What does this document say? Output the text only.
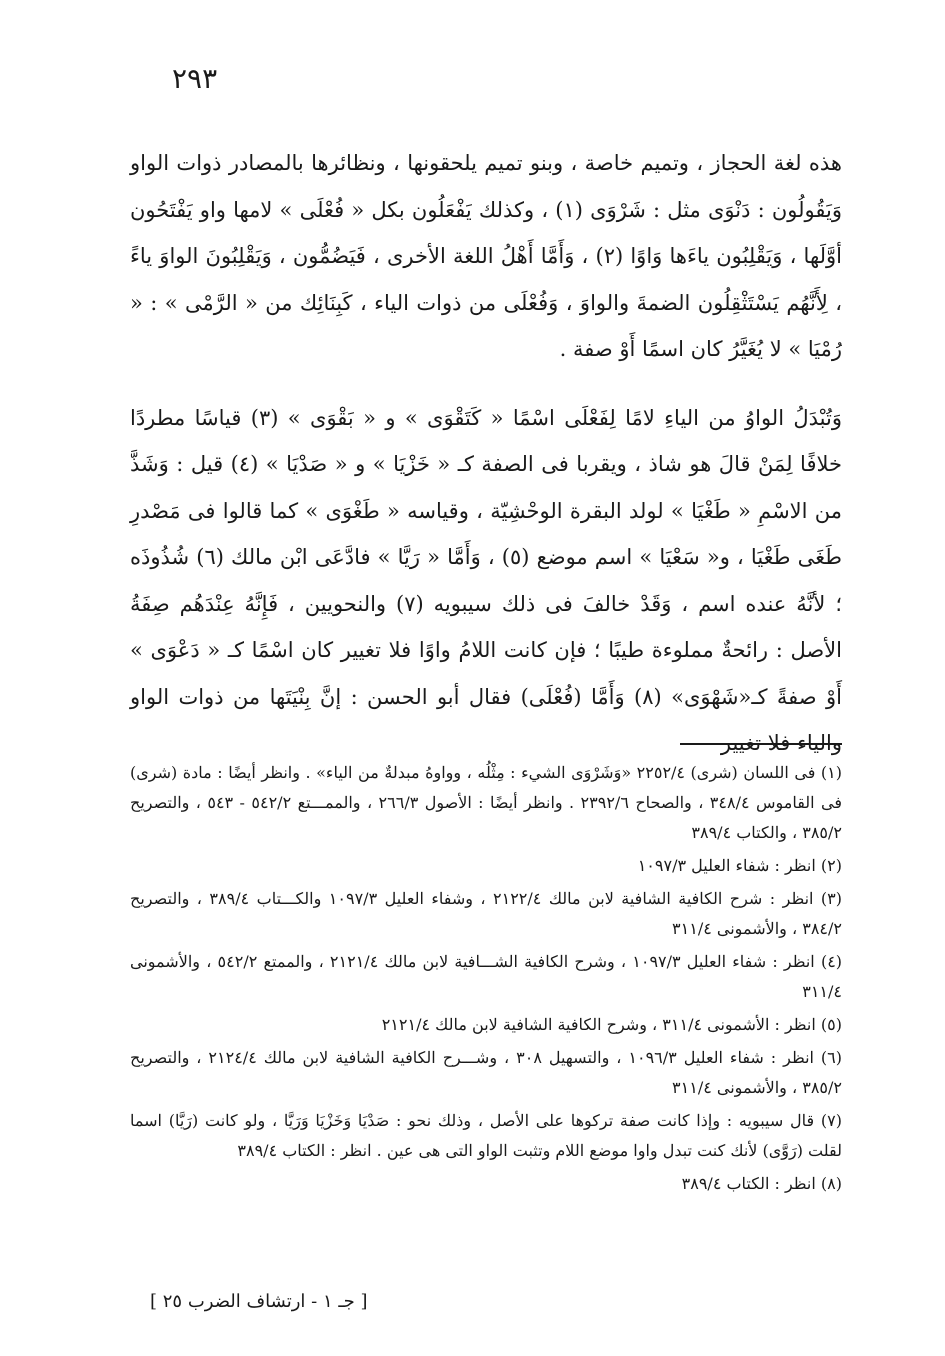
٢٩٣

هذه لغة الحجاز ، وتميم خاصة ، وبنو تميم يلحقونها ، ونظائرها بالمصادر ذوات الواو وَيَقُولُون : دَنْوَى مثل : شَرْوَى (١) ، وكذلك يَفْعَلُون بكل « فُعْلَى » لامها واو يَفْتَحُون أوَّلَها ، وَيَقْلِبُون ياءَها وَاوًا (٢) ، وَأَمَّا أَهْلُ اللغة الأخرى ، فَيَضُمُّون ، وَيَقْلِبُونَ الواوَ ياءً ، لِأَنَّهُم يَسْتَثْقِلُون الضمةَ والواوَ ، وَفُعْلَى من ذوات الياء ، كَبِنَائِك من « الرَّمْى » : « رُمْيَا » لا يُغَيَّرُ كان اسمًا أَوْ صفة .

وَتُبْدَلُ الواوُ من الياءِ لامًا لِفَعْلَى اسْمًا « كَتَقْوَى » و « بَقْوَى » (٣) قياسًا مطردًا خلافًا لِمَنْ قالَ هو شاذ ، ويقربا فى الصفة كـ « خَزْيَا » و « صَدْيَا » (٤) قيل : وَشَذَّ من الاسْمِ « طَغْيَا » لولد البقرة الوحْشِيّة ، وقياسه « طَغْوَى » كما قالوا فى مَصْدرِ طَغَى طَغْيَا ، و« سَعْيَا » اسم موضع (٥) ، وَأَمَّا « رَيَّا » فادَّعَى ابْن مالك (٦) شُذُوذَه ؛ لأنَّهُ عنده اسم ، وَقَدْ خالفَ فى ذلك سيبويه (٧) والنحويين ، فَإِنَّهُ عِنْدَهُم صِفَةُ الأصل : رائحةٌ مملوءة طيبًا ؛ فإن كانت اللامُ واوًا فلا تغيير كان اسْمًا كـ « دَعْوَى » أَوْ صفةً كـ«شَهْوَى» (٨) وَأَمَّا (فُعْلَى) فقال أبو الحسن : إنَّ بِنْيَتَها من ذوات الواو والياء فلا تغيير

(١) فى اللسان (شرى) ٢٢٥٢/٤ «وَشَرْوَى الشيء : مِثْلُه ، وواوهُ مبدلةٌ من الياء» . وانظر أيضًا : مادة (شرى) فى القاموس ٣٤٨/٤ ، والصحاح ٢٣٩٢/٦ . وانظر أيضًا : الأصول ٢٦٦/٣ ، والممـــتع ٥٤٢/٢ - ٥٤٣ ، والتصريح ٣٨٥/٢ ، والكتاب ٣٨٩/٤

(٢) انظر : شفاء العليل ١٠٩٧/٣

(٣) انظر : شرح الكافية الشافية لابن مالك ٢١٢٢/٤ ، وشفاء العليل ١٠٩٧/٣ والكـــتاب ٣٨٩/٤ ، والتصريح ٣٨٤/٢ ، والأشمونى ٣١١/٤

(٤) انظر : شفاء العليل ١٠٩٧/٣ ، وشرح الكافية الشـــافية لابن مالك ٢١٢١/٤ ، والممتع ٥٤٢/٢ ، والأشمونى ٣١١/٤

(٥) انظر : الأشمونى ٣١١/٤ ، وشرح الكافية الشافية لابن مالك ٢١٢١/٤

(٦) انظر : شفاء العليل ١٠٩٦/٣ ، والتسهيل ٣٠٨ ، وشـــرح الكافية الشافية لابن مالك ٢١٢٤/٤ ، والتصريح ٣٨٥/٢ ، والأشمونى ٣١١/٤

(٧) قال سيبويه : وإذا كانت صفة تركوها على الأصل ، وذلك نحو : صَدْيَا وَخَزْيَا وَرَيَّا ، ولو كانت (رَيَّا) اسما لقلت (رَوَّى) لأنك كنت تبدل واوا موضع اللام وتثبت الواو التى هى عين . انظر : الكتاب ٣٨٩/٤

(٨) انظر : الكتاب ٣٨٩/٤

[ جـ ١ - ارتشاف الضرب ٢٥ ]
